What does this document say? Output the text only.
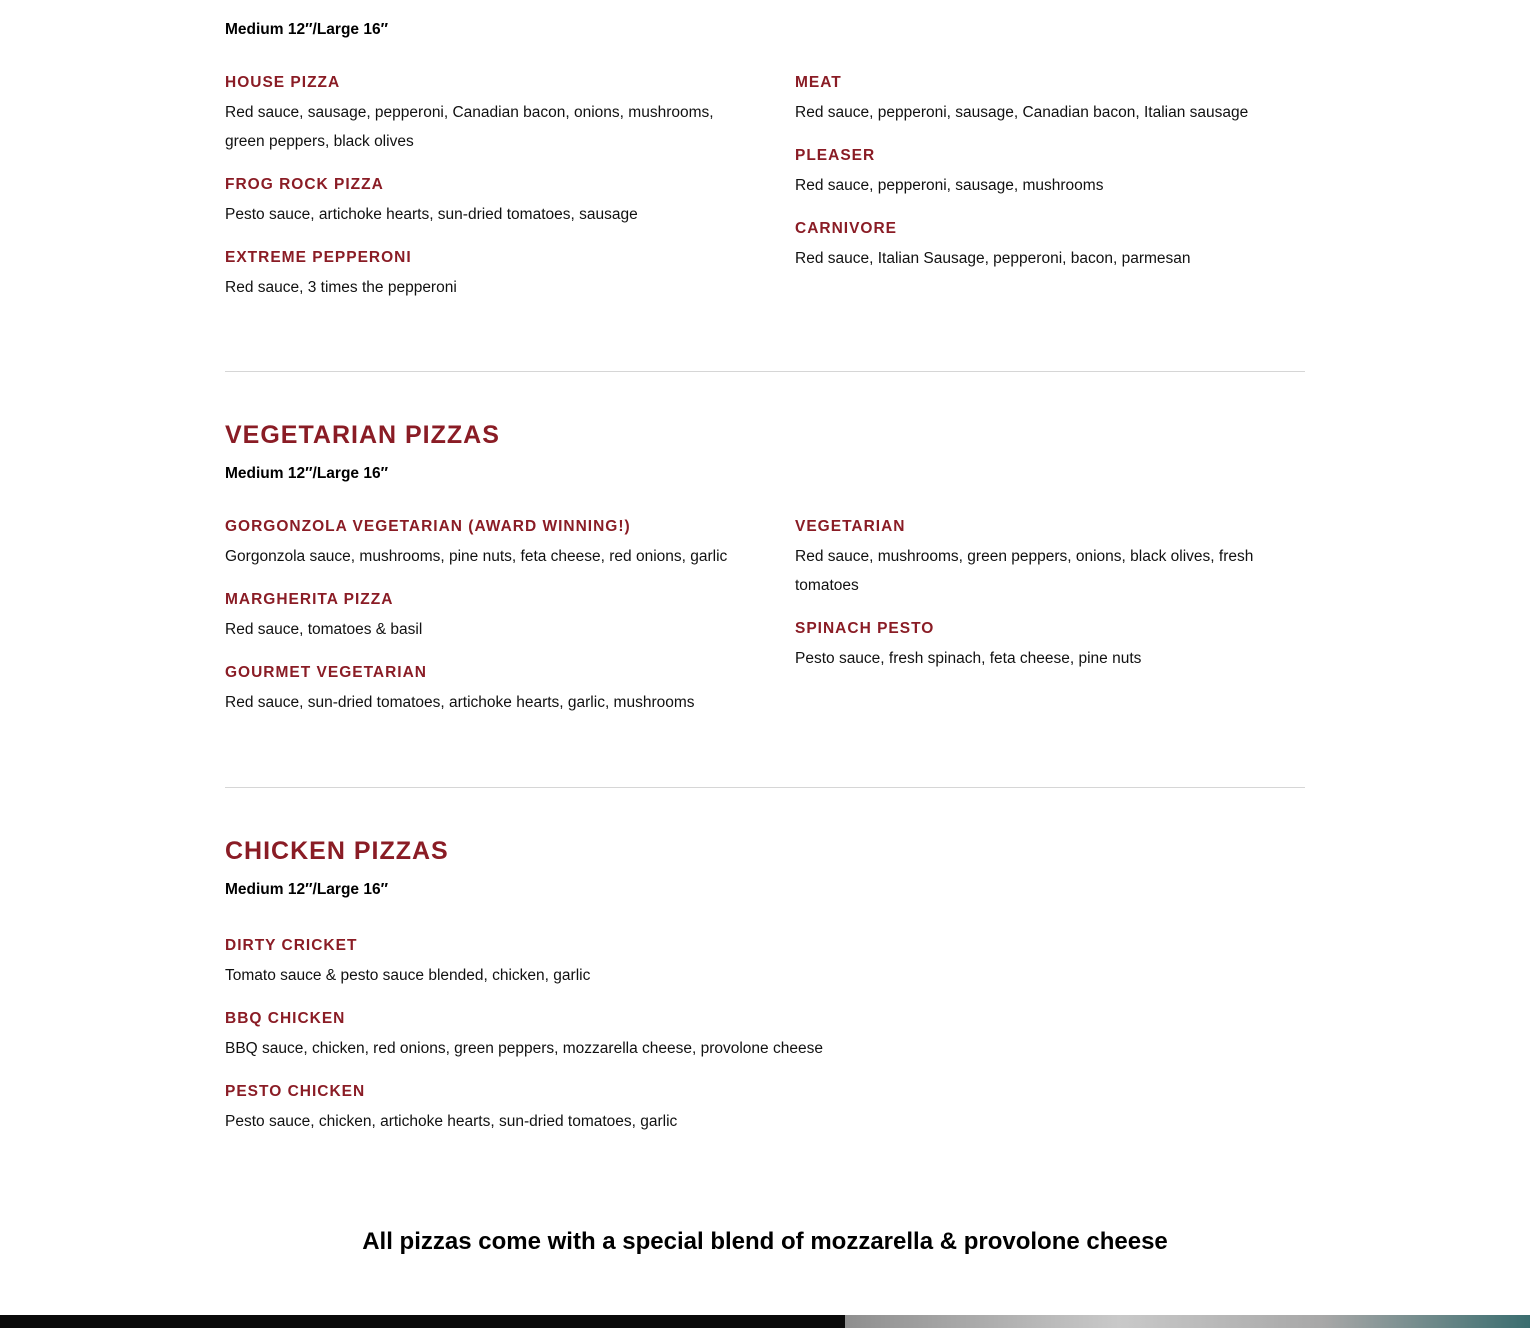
Medium 12″/Large 16″

HOUSE PIZZA

Red sauce, sausage, pepperoni, Canadian bacon, onions, mushrooms, green peppers, black olives

FROG ROCK PIZZA

Pesto sauce, artichoke hearts, sun-dried tomatoes, sausage

EXTREME PEPPERONI

Red sauce, 3 times the pepperoni

MEAT

Red sauce, pepperoni, sausage, Canadian bacon, Italian sausage

PLEASER

Red sauce, pepperoni, sausage, mushrooms

CARNIVORE

Red sauce, Italian Sausage, pepperoni, bacon, parmesan

VEGETARIAN PIZZAS

Medium 12″/Large 16″

GORGONZOLA VEGETARIAN (AWARD WINNING!)

Gorgonzola sauce, mushrooms, pine nuts, feta cheese, red onions, garlic

MARGHERITA PIZZA

Red sauce, tomatoes & basil

GOURMET VEGETARIAN

Red sauce, sun-dried tomatoes, artichoke hearts, garlic, mushrooms

VEGETARIAN

Red sauce, mushrooms, green peppers, onions, black olives, fresh tomatoes

SPINACH PESTO

Pesto sauce, fresh spinach, feta cheese, pine nuts

CHICKEN PIZZAS

Medium 12″/Large 16″

DIRTY CRICKET

Tomato sauce & pesto sauce blended, chicken, garlic

BBQ CHICKEN

BBQ sauce, chicken, red onions, green peppers, mozzarella cheese, provolone cheese

PESTO CHICKEN

Pesto sauce, chicken, artichoke hearts, sun-dried tomatoes, garlic

All pizzas come with a special blend of mozzarella & provolone cheese
